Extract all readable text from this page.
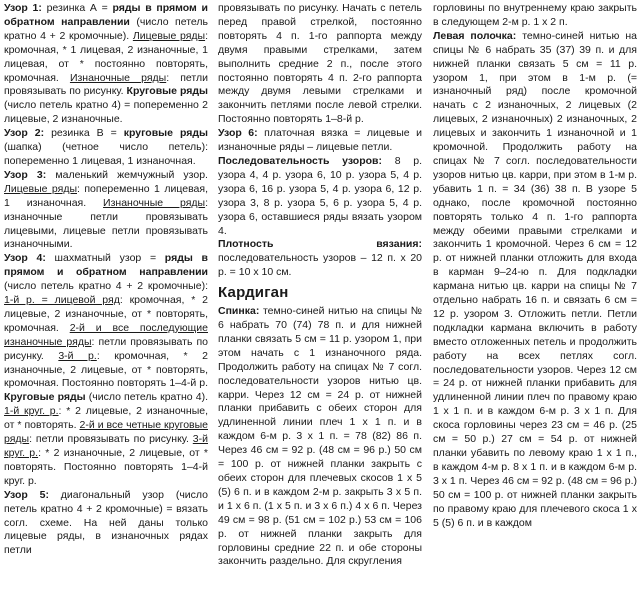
Узор 1: резинка А = ряды в прямом и обратном направлении (число петель кратно 4 + 2 кромочные). Лицевые ряды: кромочная, * 1 лицевая, 2 изнаночные, 1 лицевая, от * постоянно повторять, кромочная. Изнаночные ряды: петли провязывать по рисунку. Круговые ряды (число петель кратно 4) = попеременно 2 лицевые, 2 изнаночные.

Узор 2: резинка В = круговые ряды (шапка) (четное число петель): попеременно 1 лицевая, 1 изнаночная.

Узор 3: маленький жемчужный узор. Лицевые ряды: попеременно 1 лицевая, 1 изнаночная. Изнаночные ряды: изнаночные петли провязывать лицевыми, лицевые петли провязывать изнаночными.

Узор 4: шахматный узор = ряды в прямом и обратном направлении (число петель кратно 4 + 2 кромочные): 1-й р. = лицевой ряд: кромочная, * 2 лицевые, 2 изнаночные, от * повторять, кромочная. 2-й и все последующие изнаночные ряды: петли провязывать по рисунку. 3-й р.: кромочная, * 2 изнаночные, 2 лицевые, от * повторять, кромочная. Постоянно повторять 1–4-й р. Круговые ряды (число петель кратно 4). 1-й круг. р.: * 2 лицевые, 2 изнаночные, от * повторять. 2-й и все четные круговые ряды: петли провязывать по рисунку. 3-й круг. р.: * 2 изнаночные, 2 лицевые, от * повторять. Постоянно повторять 1–4-й круг. р.

Узор 5: диагональный узор (число петель кратно 4 + 2 кромочные) = вязать согл. схеме. На ней даны только лицевые ряды, в изнаночных рядах петли

провязывать по рисунку. Начать с петель перед правой стрелкой, постоянно повторять 4 п. 1-го раппорта между двумя правыми стрелками, затем выполнить средние 2 п., после этого постоянно повторять 4 п. 2-го раппорта между двумя левыми стрелками и закончить петлями после левой стрелки. Постоянно повторять 1–8-й р.

Узор 6: платочная вязка = лицевые и изнаночные ряды – лицевые петли.

Последовательность узоров: 8 р. узора 4, 4 р. узора 6, 10 р. узора 5, 4 р. узора 6, 16 р. узора 5, 4 р. узора 6, 12 р. узора 3, 8 р. узора 5, 6 р. узора 5, 4 р. узора 6, оставшиеся ряды вязать узором 4.

Плотность вязания: последовательность узоров – 12 п. х 20 р. = 10 х 10 см.

Кардиган

Спинка: темно-синей нитью на спицы № 6 набрать 70 (74) 78 п. и для нижней планки связать 5 см = 11 р. узором 1, при этом начать с 1 изнаночного ряда. Продолжить работу на спицах № 7 согл. последовательности узоров нитью цв. карри. Через 12 см = 24 р. от нижней планки прибавить с обеих сторон для удлиненной линии плеч 1 х 1 п. и в каждом 6-м р. 3 х 1 п. = 78 (82) 86 п. Через 46 см = 92 р. (48 см = 96 р.) 50 см = 100 р. от нижней планки закрыть с обеих сторон для плечевых скосов 1 х 5 (5) 6 п. и в каждом 2-м р. закрыть 3 х 5 п. и 1 х 6 п. (1 х 5 п. и 3 х 6 п.) 4 х 6 п. Через 49 см = 98 р. (51 см = 102 р.) 53 см = 106 р. от нижней планки закрыть для горловины средние 22 п. и обе стороны закончить раздельно. Для скругления

горловины по внутреннему краю закрыть в следующем 2-м р. 1 х 2 п.

Левая полочка: темно-синей нитью на спицы № 6 набрать 35 (37) 39 п. и для нижней планки связать 5 см = 11 р. узором 1, при этом в 1-м р. (= изнаночный ряд) после кромочной начать с 2 изнаночных, 2 лицевых (2 лицевых, 2 изнаночных) 2 изнаночных, 2 лицевых и закончить 1 изнаночной и 1 кромочной. Продолжить работу на спицах № 7 согл. последовательности узоров нитью цв. карри, при этом в 1-м р. убавить 1 п. = 34 (36) 38 п. В узоре 5 однако, после кромочной постоянно повторять только 4 п. 1-го раппорта между обеими правыми стрелками и закончить 1 кромочной. Через 6 см = 12 р. от нижней планки отложить для входа в карман 9–24-ю п. Для подкладки кармана нитью цв. карри на спицы № 7 отдельно набрать 16 п. и связать 6 см = 12 р. узором 3. Отложить петли. Петли подкладки кармана включить в работу вместо отложенных петель и продолжить работу на всех петлях согл. последовательности узоров. Через 12 см = 24 р. от нижней планки прибавить для удлиненной линии плеч по правому краю 1 х 1 п. и в каждом 6-м р. 3 х 1 п. Для скоса горловины через 23 см = 46 р. (25 см = 50 р.) 27 см = 54 р. от нижней планки убавить по левому краю 1 х 1 п., в каждом 4-м р. 8 х 1 п. и в каждом 6-м р. 3 х 1 п. Через 46 см = 92 р. (48 см = 96 р.) 50 см = 100 р. от нижней планки закрыть по правому краю для плечевого скоса 1 х 5 (5) 6 п. и в каждом
